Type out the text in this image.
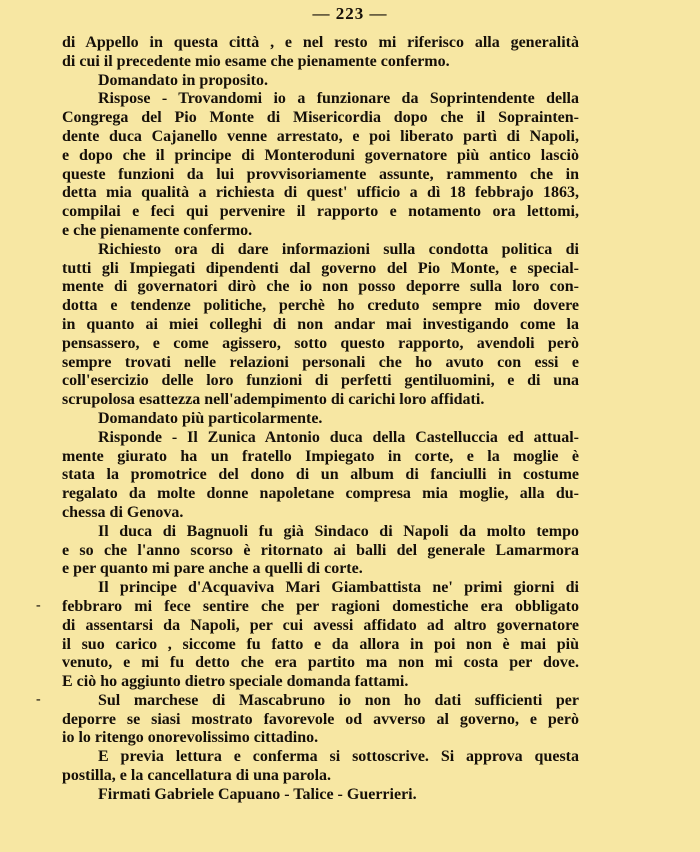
— 223 —
di Appello in questa città , e nel resto mi riferisco alla generalità
di cui il precedente mio esame che pienamente confermo.
Domandato in proposito.
Rispose - Trovandomi io a funzionare da Soprintendente della
Congrega del Pio Monte di Misericordia dopo che il Soprainten-
dente duca Cajanello venne arrestato, e poi liberato partì di Napoli,
e dopo che il principe di Monteroduni governatore più antico lasciò
queste funzioni da lui provvisoriamente assunte, rammento che in
detta mia qualità a richiesta di quest' ufficio a dì 18 febbrajo 1863,
compilai e feci qui pervenire il rapporto e notamento ora lettomi,
e che pienamente confermo.
Richiesto ora di dare informazioni sulla condotta politica di
tutti gli Impiegati dipendenti dal governo del Pio Monte, e special-
mente di governatori dirò che io non posso deporre sulla loro con-
dotta e tendenze politiche, perchè ho creduto sempre mio dovere
in quanto ai miei colleghi di non andar mai investigando come la
pensassero, e come agissero, sotto questo rapporto, avendoli però
sempre trovati nelle relazioni personali che ho avuto con essi e
coll'esercizio delle loro funzioni di perfetti gentiluomini, e di una
scrupolosa esattezza nell'adempimento di carichi loro affidati.
Domandato più particolarmente.
Risponde - Il Zunica Antonio duca della Castelluccia ed attual-
mente giurato ha un fratello Impiegato in corte, e la moglie è
stata la promotrice del dono di un album di fanciulli in costume
regalato da molte donne napoletane compresa mia moglie, alla du-
chessa di Genova.
Il duca di Bagnuoli fu già Sindaco di Napoli da molto tempo
e so che l'anno scorso è ritornato ai balli del generale Lamarmora
e per quanto mi pare anche a quelli di corte.
Il principe d'Acquaviva Mari Giambattista ne' primi giorni di
febbraro mi fece sentire che per ragioni domestiche era obbligato
di assentarsi da Napoli, per cui avessi affidato ad altro governatore
il suo carico , siccome fu fatto e da allora in poi non è mai più
venuto, e mi fu detto che era partito ma non mi costa per dove.
E ciò ho aggiunto dietro speciale domanda fattami.
Sul marchese di Mascabruno io non ho dati sufficienti per
deporre se siasi mostrato favorevole od avverso al governo, e però
io lo ritengo onorevolissimo cittadino.
E previa lettura e conferma si sottoscrive. Si approva questa
postilla, e la cancellatura di una parola.
Firmati Gabriele Capuano - Talice - Guerrieri.
-
-
